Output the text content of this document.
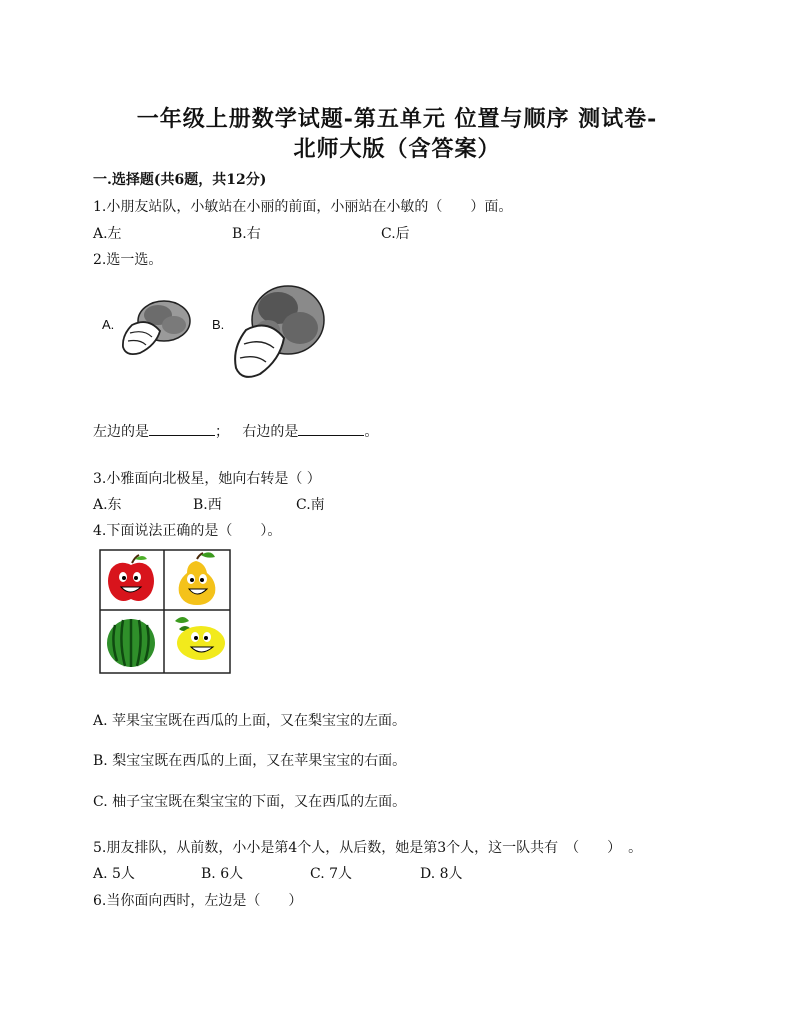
一年级上册数学试题-第五单元 位置与顺序 测试卷-
北师大版（含答案）
一.选择题(共6题，共12分)
1.小朋友站队，小敏站在小丽的前面，小丽站在小敏的（　　）面。
A.左	B.右	C.后
2.选一选。
A.	B.
左边的是	； 右边的是	。
3.小雅面向北极星，她向右转是（ ）
A.东	B.西	C.南
4.下面说法正确的是（　　）。
A. 苹果宝宝既在西瓜的上面，又在梨宝宝的左面。
B. 梨宝宝既在西瓜的上面，又在苹果宝宝的右面。
C. 柚子宝宝既在梨宝宝的下面，又在西瓜的左面。
5.朋友排队，从前数，小小是第4个人，从后数，她是第3个人，这一队共有　（　　）　。
A. 5人	B. 6人	C. 7人	D. 8人
6.当你面向西时，左边是（　　）
